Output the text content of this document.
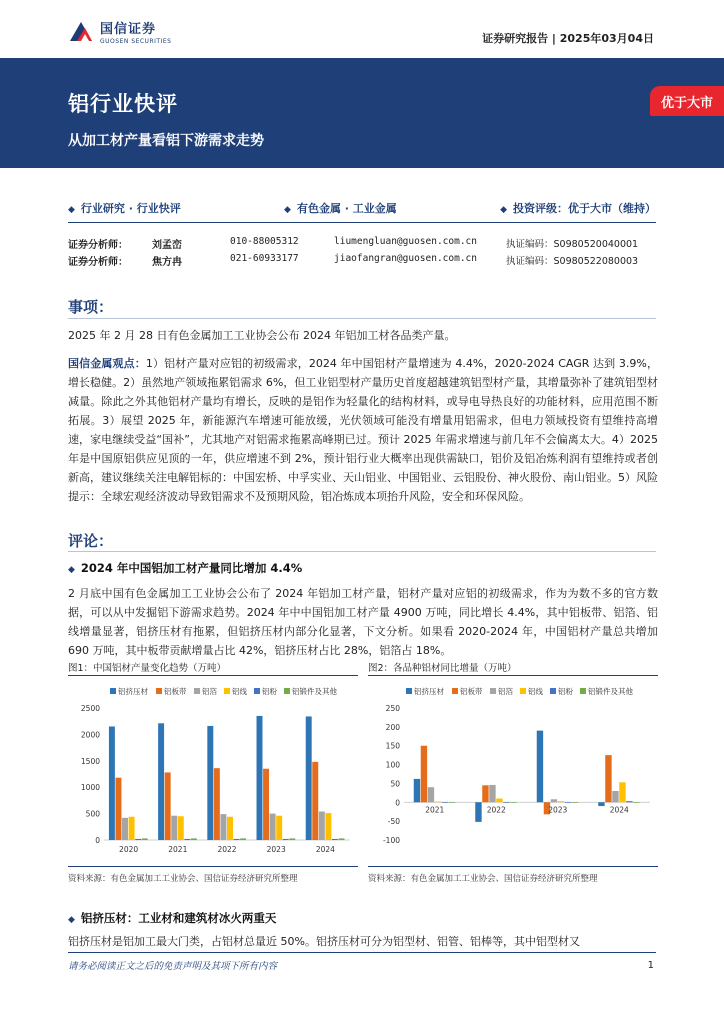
国信证券
GUOSEN SECURITIES	证券研究报告 | 2025年03月04日
铝行业快评
从加工材产量看铝下游需求走势
优于大市
◆ 行业研究 · 行业快评	◆ 有色金属 · 工业金属	◆ 投资评级：优于大市（维持）
证券分析师： 刘孟峦	010-88005312	liumengluan@guosen.com.cn	执证编码：S0980520040001
证券分析师： 焦方冉	021-60933177	jiaofangran@guosen.com.cn	执证编码：S0980522080003
事项：
2025 年 2 月 28 日有色金属加工工业协会公布 2024 年铝加工材各品类产量。
国信金属观点：1）铝材产量对应铝的初级需求，2024 年中国铝材产量增速为 4.4%，2020-2024 CAGR 达到 3.9%，增长稳健。2）虽然地产领域拖累铝需求 6%，但工业铝型材产量历史首度超越建筑铝型材产量，其增量弥补了建筑铝型材减量。除此之外其他铝材产量均有增长，反映的是铝作为轻量化的结构材料，或导电导热良好的功能材料，应用范围不断拓展。3）展望 2025 年，新能源汽车增速可能放缓，光伏领域可能没有增量用铝需求，但电力领域投资有望维持高增速，家电继续受益“国补”，尤其地产对铝需求拖累高峰期已过。预计 2025 年需求增速与前几年不会偏离太大。4）2025 年是中国原铝供应见顶的一年，供应增速不到 2%，预计铝行业大概率出现供需缺口，铝价及铝冶炼利润有望维持或者创新高，建议继续关注电解铝标的：中国宏桥、中孚实业、天山铝业、中国铝业、云铝股份、神火股份、南山铝业。5）风险提示：全球宏观经济波动导致铝需求不及预期风险，铝冶炼成本项抬升风险，安全和环保风险。
评论：
◆ 2024 年中国铝加工材产量同比增加 4.4%
2 月底中国有色金属加工工业协会公布了 2024 年铝加工材产量，铝材产量对应铝的初级需求，作为为数不多的官方数据，可以从中发掘铝下游需求趋势。2024 年中中国铝加工材产量 4900 万吨，同比增长 4.4%，其中铝板带、铝箔、铝线增量显著，铝挤压材有拖累，但铝挤压材内部分化显著，下文分析。如果看 2020-2024 年，中国铝材产量总共增加 690 万吨，其中板带贡献增量占比 42%，铝挤压材占比 28%，铝箔占 18%。
图1：中国铝材产量变化趋势（万吨）
0
500
1000
1500
2000
2500
铝挤压材 铝板带 铝箔 铝线 铝粉 铝锻件及其他
2020	2021	2022	2023	2024
资料来源：有色金属加工工业协会、国信证券经济研究所整理
图2：各品种铝材同比增量（万吨）
-100
-50
0
50
100
150
200
250
铝挤压材 铝板带 铝箔 铝线 铝粉 铝锻件及其他
2021	2022	2023	2024
资料来源：有色金属加工工业协会、国信证券经济研究所整理
◆ 铝挤压材：工业材和建筑材冰火两重天
铝挤压材是铝加工最大门类，占铝材总量近 50%。铝挤压材可分为铝型材、铝管、铝棒等，其中铝型材又
请务必阅读正文之后的免责声明及其项下所有内容	1
